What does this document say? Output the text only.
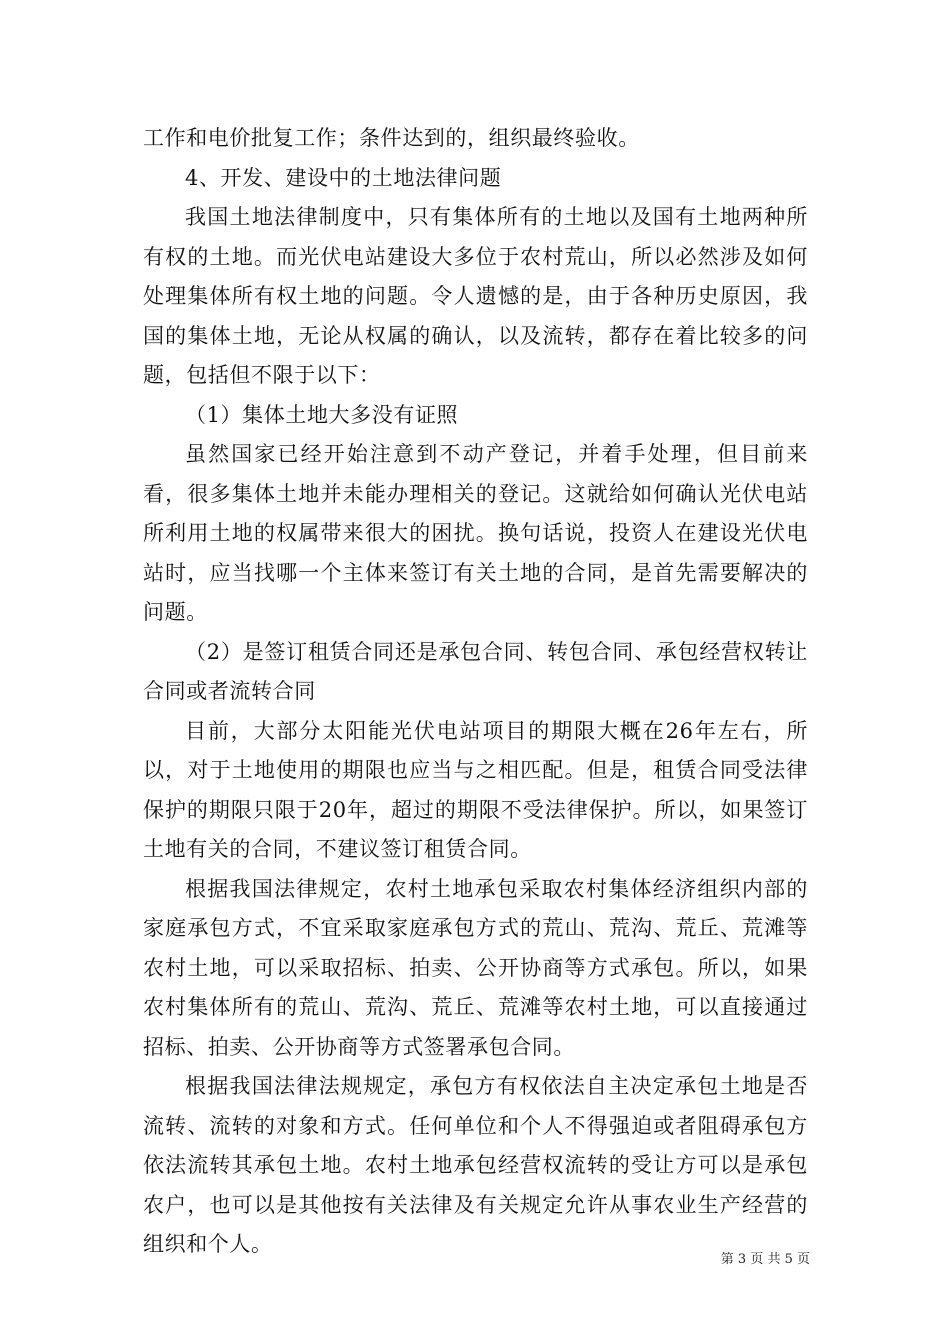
工作和电价批复工作；条件达到的，组织最终验收。

4、开发、建设中的土地法律问题

我国土地法律制度中，只有集体所有的土地以及国有土地两种所有权的土地。而光伏电站建设大多位于农村荒山，所以必然涉及如何处理集体所有权土地的问题。令人遗憾的是，由于各种历史原因，我国的集体土地，无论从权属的确认，以及流转，都存在着比较多的问题，包括但不限于以下：

（1）集体土地大多没有证照

虽然国家已经开始注意到不动产登记，并着手处理，但目前来看，很多集体土地并未能办理相关的登记。这就给如何确认光伏电站所利用土地的权属带来很大的困扰。换句话说，投资人在建设光伏电站时，应当找哪一个主体来签订有关土地的合同，是首先需要解决的问题。

（2）是签订租赁合同还是承包合同、转包合同、承包经营权转让合同或者流转合同

目前，大部分太阳能光伏电站项目的期限大概在26年左右，所以，对于土地使用的期限也应当与之相匹配。但是，租赁合同受法律保护的期限只限于20年，超过的期限不受法律保护。所以，如果签订土地有关的合同，不建议签订租赁合同。

根据我国法律规定，农村土地承包采取农村集体经济组织内部的家庭承包方式，不宜采取家庭承包方式的荒山、荒沟、荒丘、荒滩等农村土地，可以采取招标、拍卖、公开协商等方式承包。所以，如果农村集体所有的荒山、荒沟、荒丘、荒滩等农村土地，可以直接通过招标、拍卖、公开协商等方式签署承包合同。

根据我国法律法规规定，承包方有权依法自主决定承包土地是否流转、流转的对象和方式。任何单位和个人不得强迫或者阻碍承包方依法流转其承包土地。农村土地承包经营权流转的受让方可以是承包农户，也可以是其他按有关法律及有关规定允许从事农业生产经营的组织和个人。

第 3 页 共 5 页
